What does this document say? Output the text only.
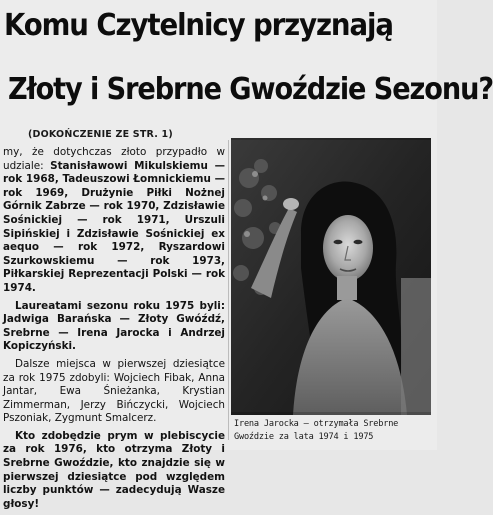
Komu Czytelnicy przyznają
Złoty i Srebrne Gwoździe Sezonu?
(DOKOŃCZENIE ZE STR. 1)

my, że dotychczas złoto przypadło w udziale: Stanisławowi Mikulskiemu — rok 1968, Tadeuszowi Łomnickiemu — rok 1969, Drużynie Piłki Nożnej Górnik Zabrze — rok 1970, Zdzisławie Sośnickiej — rok 1971, Urszuli Sipińskiej i Zdzisławie Sośnickiej ex aequo — rok 1972, Ryszardowi Szurkowskiemu — rok 1973, Piłkarskiej Reprezentacji Polski — rok 1974.

Laureatami sezonu roku 1975 byli: Jadwiga Barańska — Złoty Gwóźdź, Srebrne — Irena Jarocka i Andrzej Kopiczyński.

Dalsze miejsca w pierwszej dziesiątce za rok 1975 zdobyli: Wojciech Fibak, Anna Jantar, Ewa Śnieżanka, Krystian Zimmerman, Jerzy Bińczycki, Wojciech Pszoniak, Zygmunt Smalcerz.

Kto zdobędzie prym w plebiscycie za rok 1976, kto otrzyma Złoty i Srebrne Gwoździe, kto znajdzie się w pierwszej dziesiątce pod względem liczby punktów — zadecydują Wasze głosy!

Irena Jarocka — otrzymała Srebrne Gwoździe za lata 1974 i 1975
